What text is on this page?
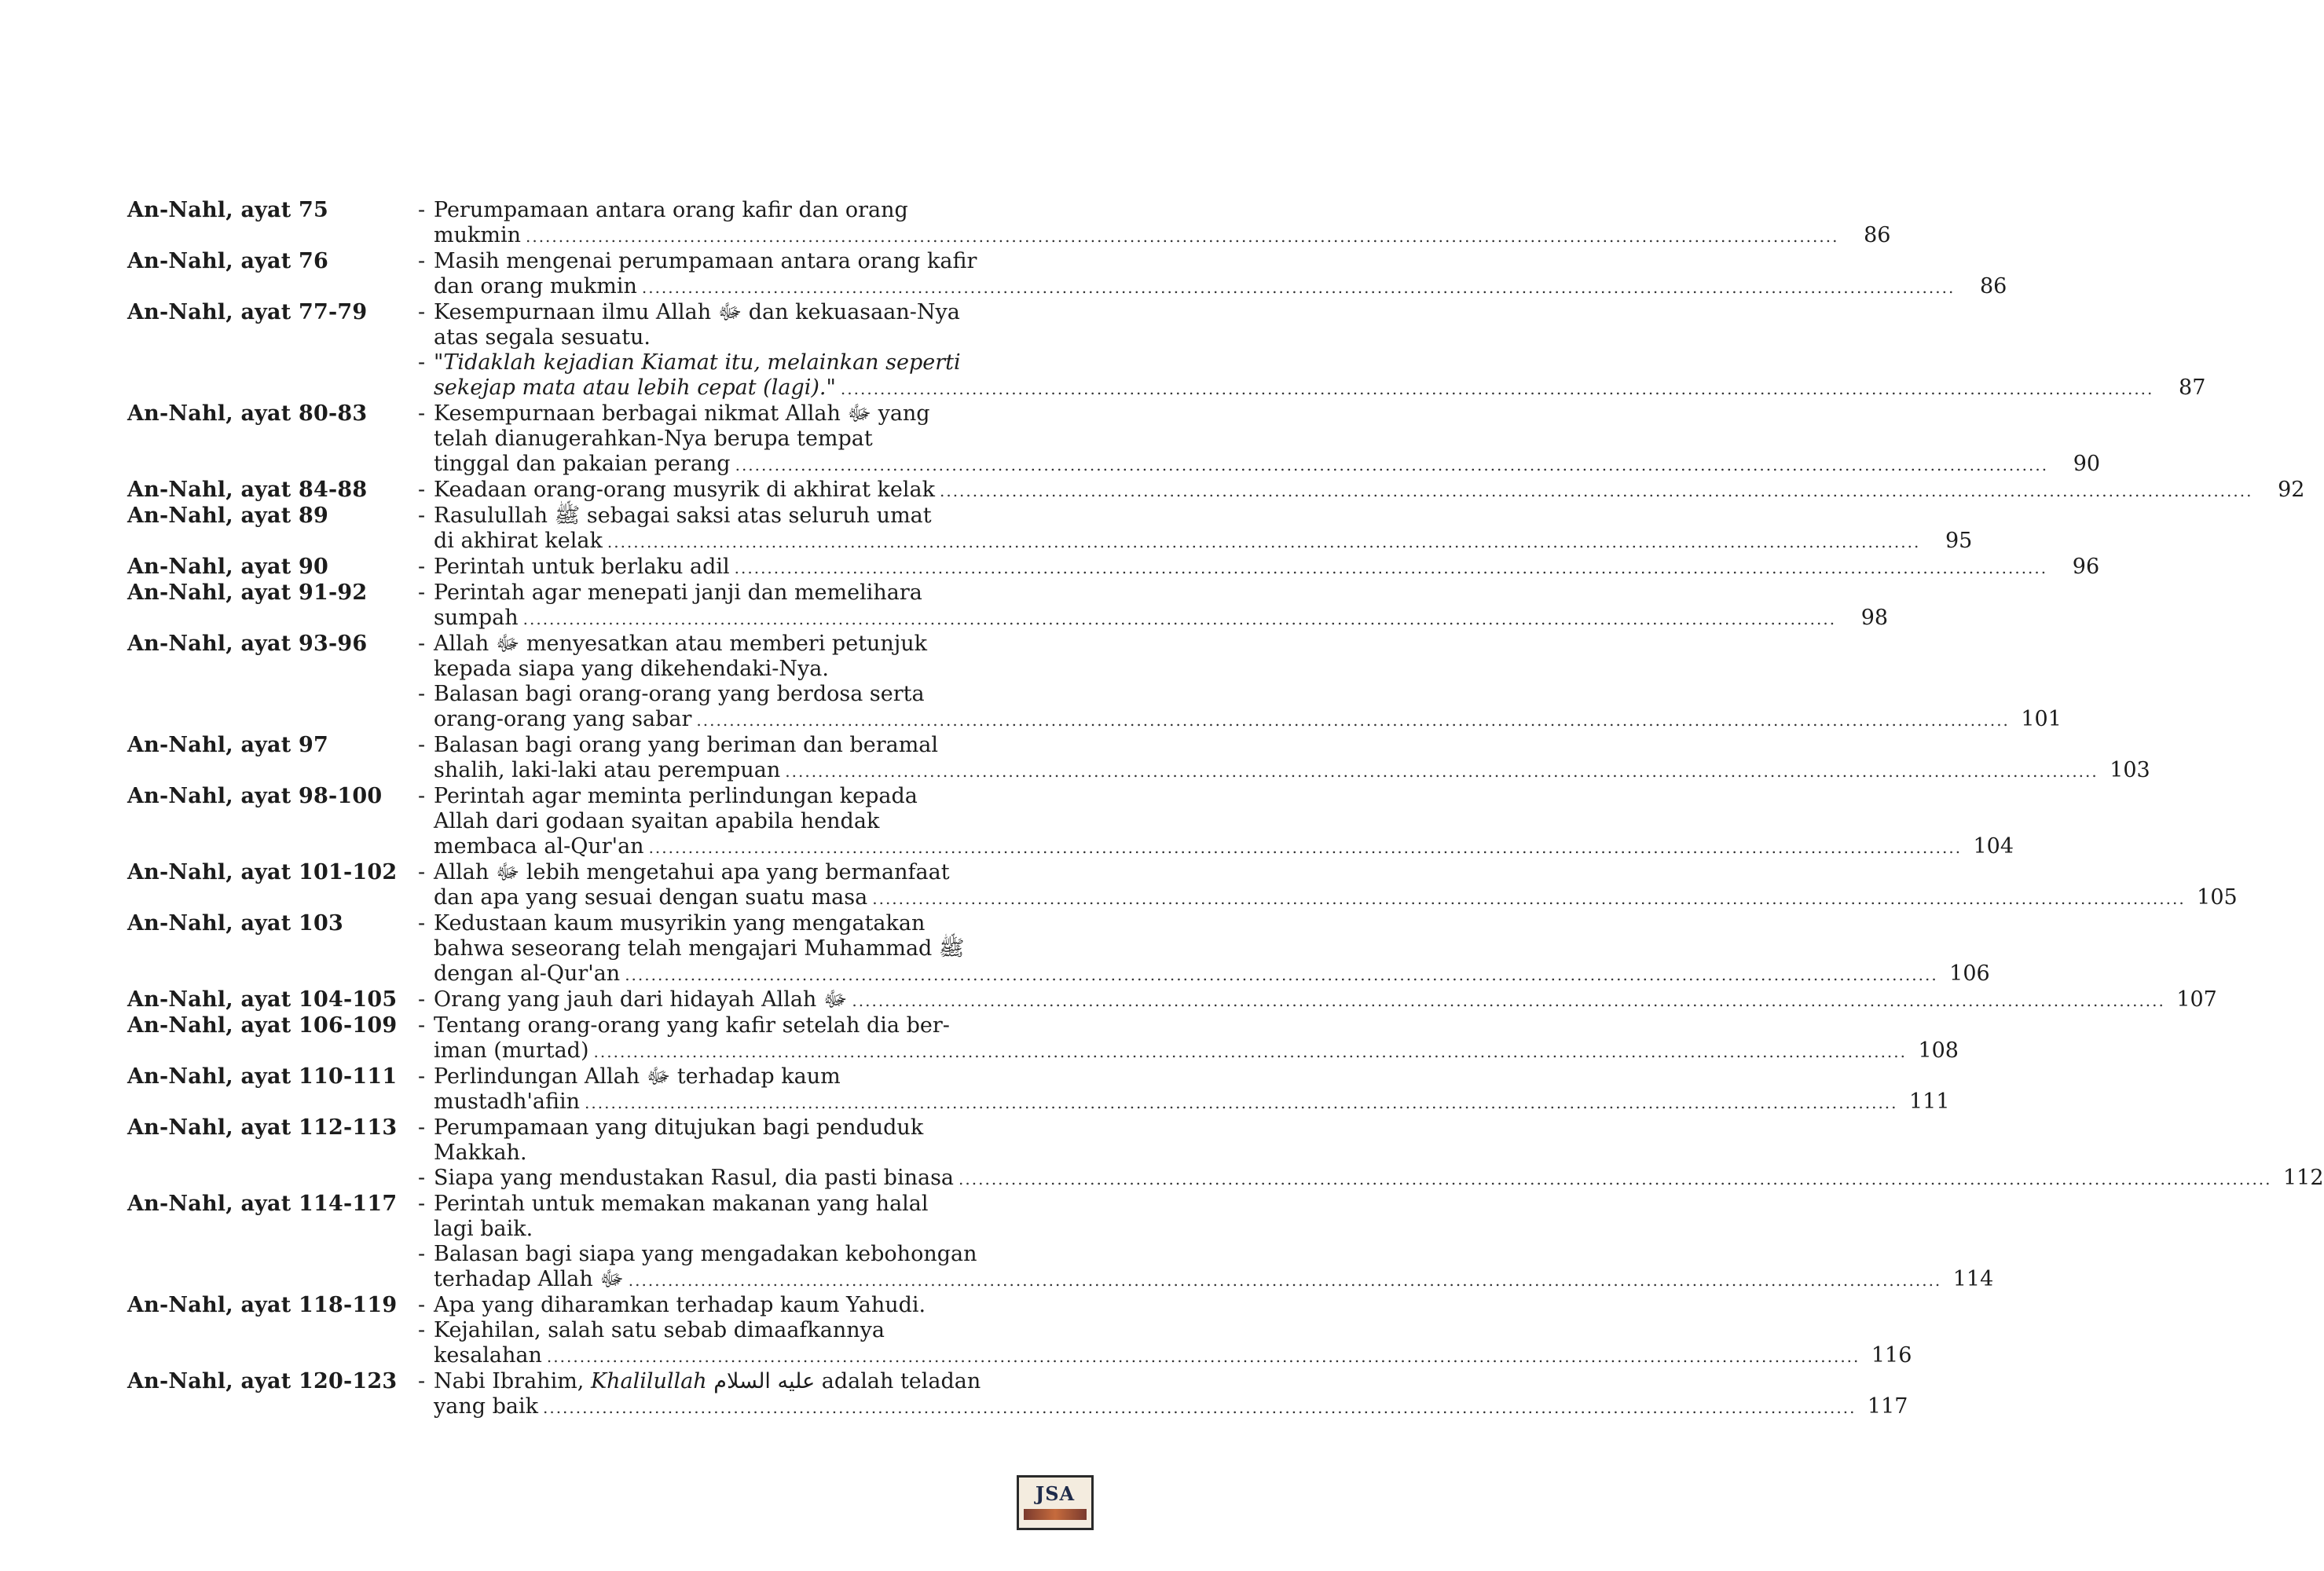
An-Nahl, ayat 75	- Perumpamaan antara orang kafir dan orang
mukmin ........................................................................................................................................................................................................	86
An-Nahl, ayat 76	- Masih mengenai perumpamaan antara orang kafir
dan orang mukmin ........................................................................................................................................................................................................	86
An-Nahl, ayat 77-79	- Kesempurnaan ilmu Allah ﷻ dan kekuasaan-Nya
atas segala sesuatu.
- "Tidaklah kejadian Kiamat itu, melainkan seperti
sekejap mata atau lebih cepat (lagi)." ........................................................................................................................................................................................................	87
An-Nahl, ayat 80-83	- Kesempurnaan berbagai nikmat Allah ﷻ yang
telah dianugerahkan-Nya berupa tempat
tinggal dan pakaian perang ........................................................................................................................................................................................................	90
An-Nahl, ayat 84-88	- Keadaan orang-orang musyrik di akhirat kelak ........................................................................................................................................................................................................	92
An-Nahl, ayat 89	- Rasulullah ﷺ sebagai saksi atas seluruh umat
di akhirat kelak ........................................................................................................................................................................................................	95
An-Nahl, ayat 90	- Perintah untuk berlaku adil ........................................................................................................................................................................................................	96
An-Nahl, ayat 91-92	- Perintah agar menepati janji dan memelihara
sumpah ........................................................................................................................................................................................................	98
An-Nahl, ayat 93-96	- Allah ﷻ menyesatkan atau memberi petunjuk
kepada siapa yang dikehendaki-Nya.
- Balasan bagi orang-orang yang berdosa serta
orang-orang yang sabar ........................................................................................................................................................................................................ 101
An-Nahl, ayat 97	- Balasan bagi orang yang beriman dan beramal
shalih, laki-laki atau perempuan ........................................................................................................................................................................................................ 103
An-Nahl, ayat 98-100	- Perintah agar meminta perlindungan kepada
Allah dari godaan syaitan apabila hendak
membaca al-Qur'an ........................................................................................................................................................................................................ 104
An-Nahl, ayat 101-102 - Allah ﷻ lebih mengetahui apa yang bermanfaat
dan apa yang sesuai dengan suatu masa ........................................................................................................................................................................................................ 105
An-Nahl, ayat 103	- Kedustaan kaum musyrikin yang mengatakan
bahwa seseorang telah mengajari Muhammad ﷺ
dengan al-Qur'an ........................................................................................................................................................................................................ 106
An-Nahl, ayat 104-105 - Orang yang jauh dari hidayah Allah ﷻ ........................................................................................................................................................................................................ 107
An-Nahl, ayat 106-109 - Tentang orang-orang yang kafir setelah dia ber-
iman (murtad) ........................................................................................................................................................................................................ 108
An-Nahl, ayat 110-111 - Perlindungan Allah ﷻ terhadap kaum
mustadh'afiin ........................................................................................................................................................................................................ 111
An-Nahl, ayat 112-113 - Perumpamaan yang ditujukan bagi penduduk
Makkah.
- Siapa yang mendustakan Rasul, dia pasti binasa ........................................................................................................................................................................................................ 112
An-Nahl, ayat 114-117 - Perintah untuk memakan makanan yang halal
lagi baik.
- Balasan bagi siapa yang mengadakan kebohongan
terhadap Allah ﷻ ........................................................................................................................................................................................................ 114
An-Nahl, ayat 118-119 - Apa yang diharamkan terhadap kaum Yahudi.
- Kejahilan, salah satu sebab dimaafkannya
kesalahan ........................................................................................................................................................................................................ 116
An-Nahl, ayat 120-123 - Nabi Ibrahim, Khalilullah عليه السلام adalah teladan
yang baik ........................................................................................................................................................................................................ 117
JSA
